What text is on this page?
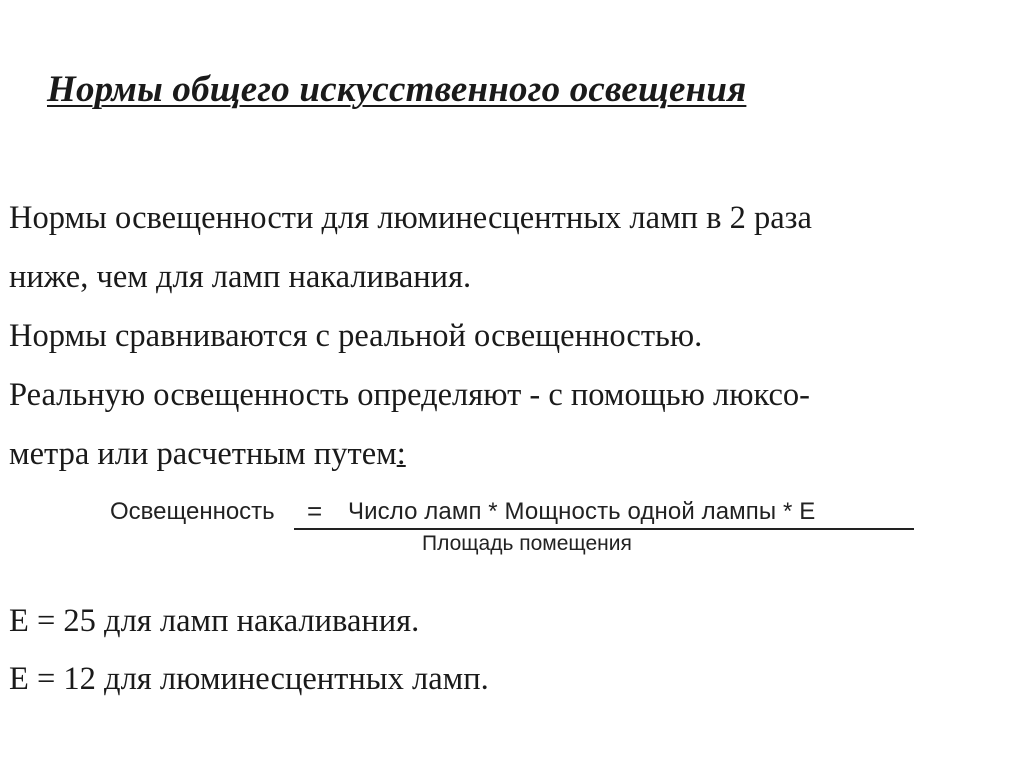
Нормы общего искусственного освещения
Нормы освещенности для люминесцентных ламп в 2 раза
ниже, чем для ламп накаливания.
Нормы сравниваются с реальной освещенностью.
Реальную освещенность определяют - с помощью люксо-
метра или расчетным путем:
Освещенность = Число ламп * Мощность одной лампы * Е
Площадь помещения
Е = 25 для ламп накаливания.
Е = 12 для люминесцентных ламп.
